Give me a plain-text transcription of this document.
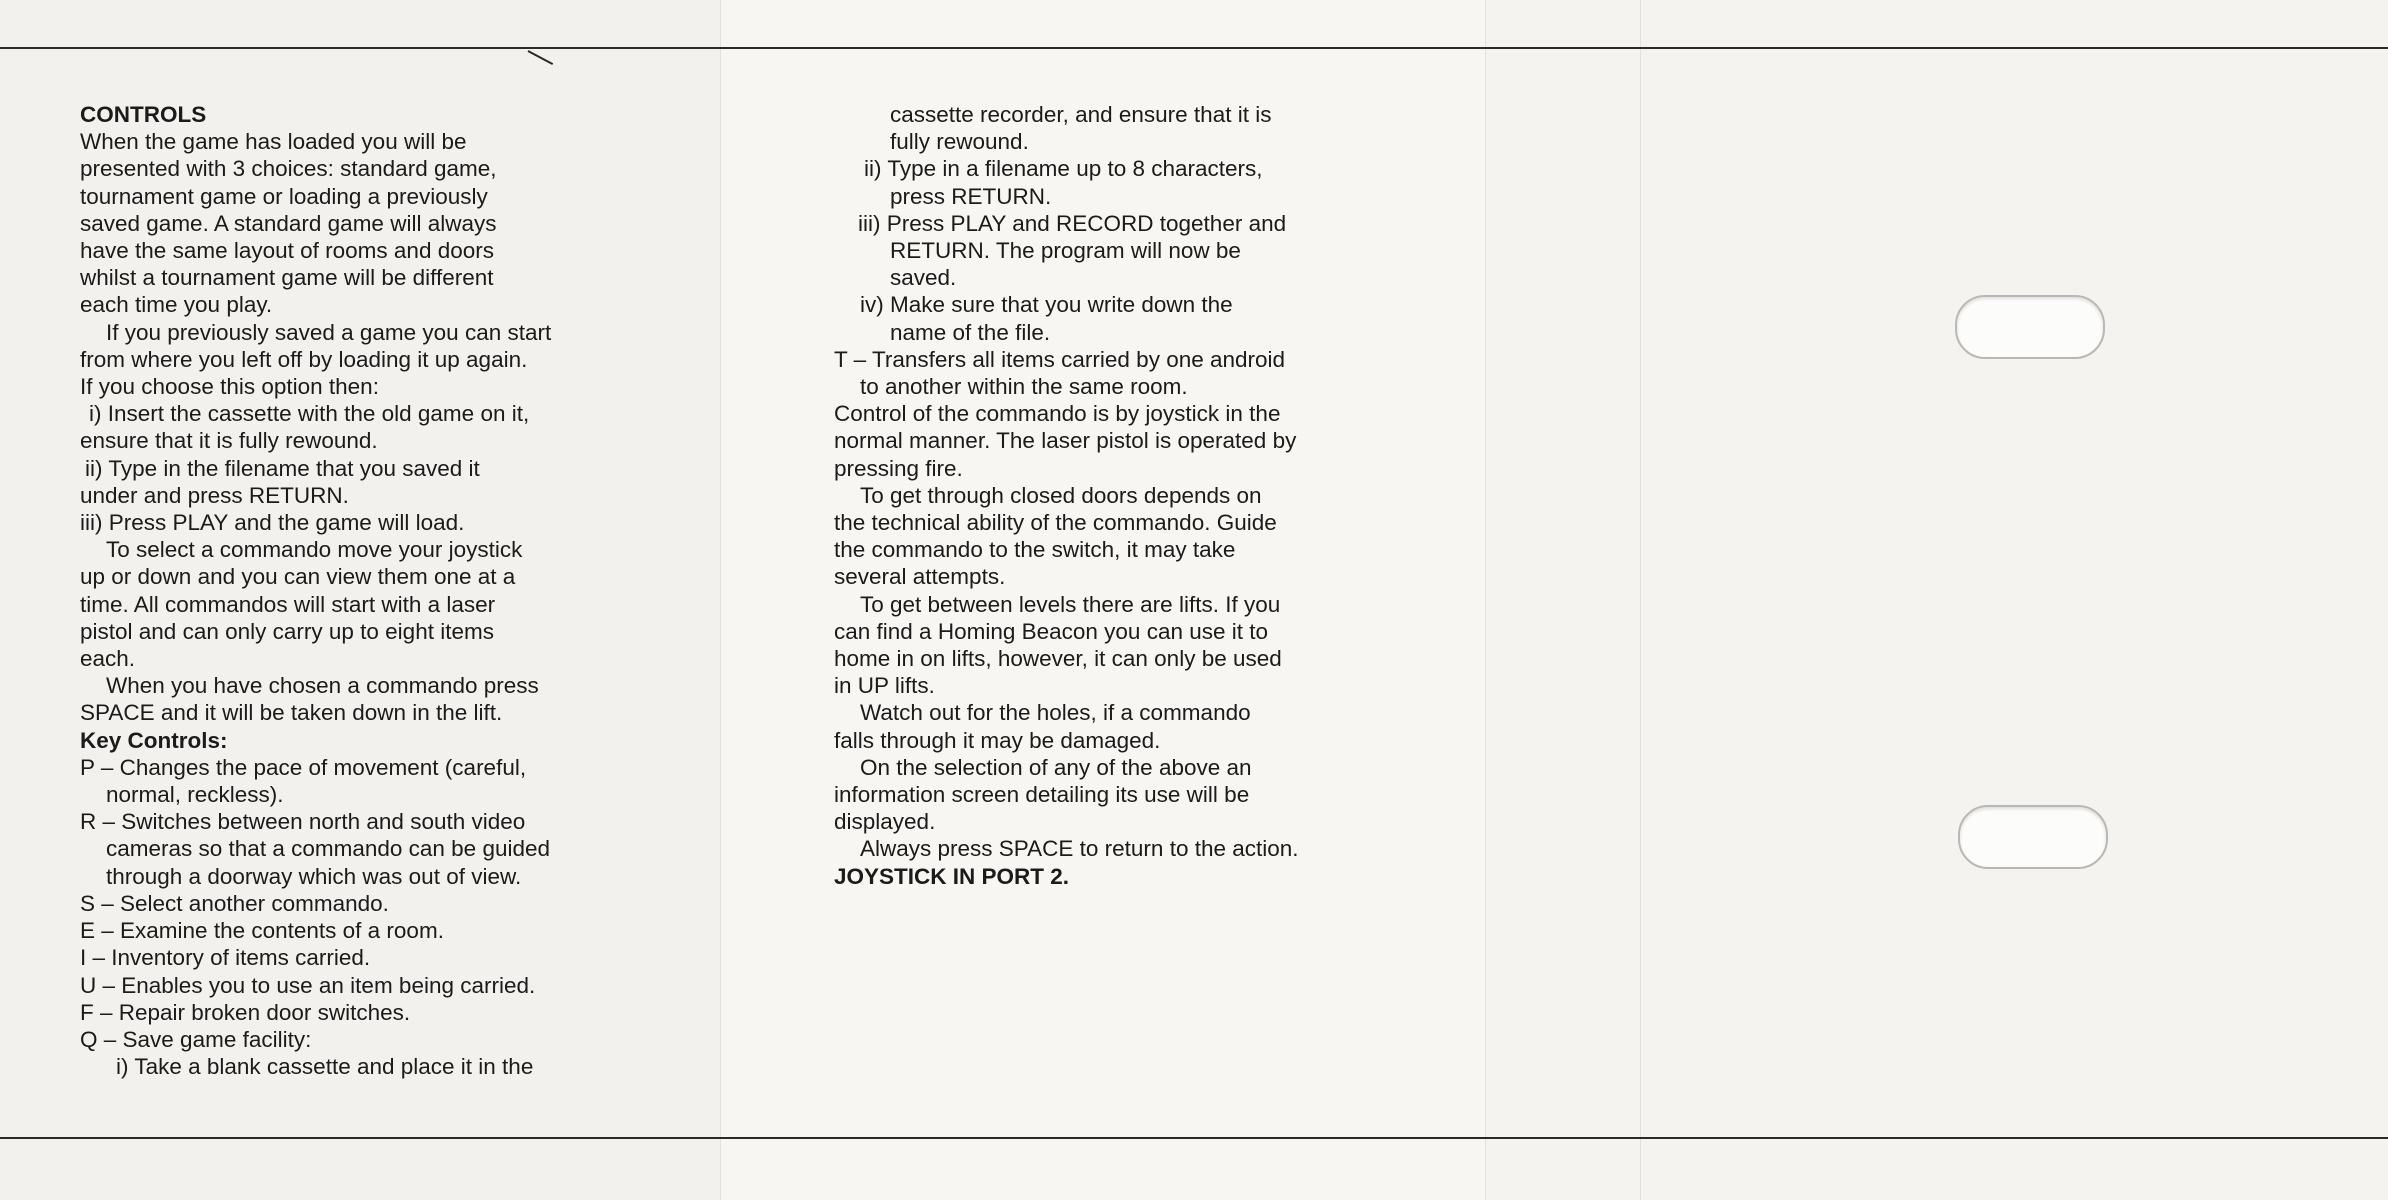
CONTROLS
When the game has loaded you will be
presented with 3 choices: standard game,
tournament game or loading a previously
saved game. A standard game will always
have the same layout of rooms and doors
whilst a tournament game will be different
each time you play.
If you previously saved a game you can start
from where you left off by loading it up again.
If you choose this option then:
i) Insert the cassette with the old game on it,
ensure that it is fully rewound.
ii) Type in the filename that you saved it
under and press RETURN.
iii) Press PLAY and the game will load.
To select a commando move your joystick
up or down and you can view them one at a
time. All commandos will start with a laser
pistol and can only carry up to eight items
each.
When you have chosen a commando press
SPACE and it will be taken down in the lift.
Key Controls:
P – Changes the pace of movement (careful,
normal, reckless).
R – Switches between north and south video
cameras so that a commando can be guided
through a doorway which was out of view.
S – Select another commando.
E – Examine the contents of a room.
I – Inventory of items carried.
U – Enables you to use an item being carried.
F – Repair broken door switches.
Q – Save game facility:
i) Take a blank cassette and place it in the
cassette recorder, and ensure that it is
fully rewound.
ii) Type in a filename up to 8 characters,
press RETURN.
iii) Press PLAY and RECORD together and
RETURN. The program will now be
saved.
iv) Make sure that you write down the
name of the file.
T – Transfers all items carried by one android
to another within the same room.
Control of the commando is by joystick in the
normal manner. The laser pistol is operated by
pressing fire.
To get through closed doors depends on
the technical ability of the commando. Guide
the commando to the switch, it may take
several attempts.
To get between levels there are lifts. If you
can find a Homing Beacon you can use it to
home in on lifts, however, it can only be used
in UP lifts.
Watch out for the holes, if a commando
falls through it may be damaged.
On the selection of any of the above an
information screen detailing its use will be
displayed.
Always press SPACE to return to the action.
JOYSTICK IN PORT 2.
